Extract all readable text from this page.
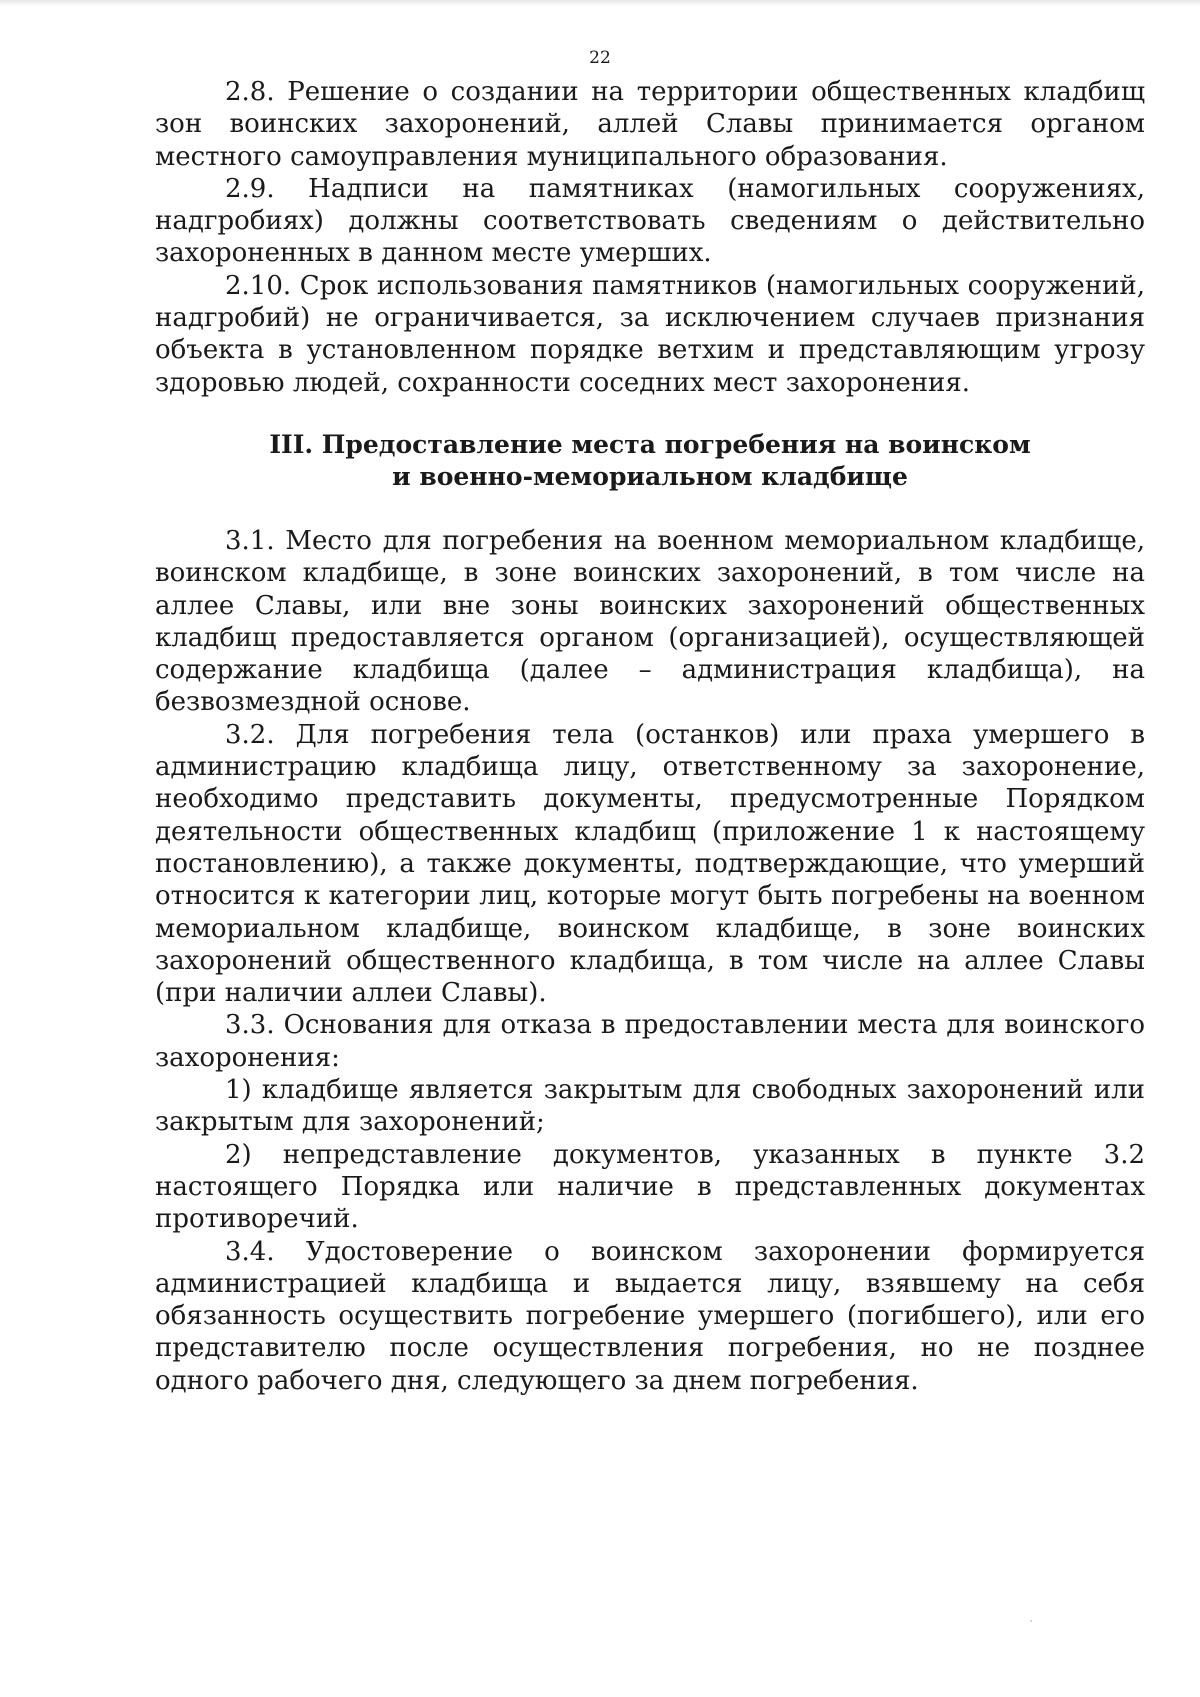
22

2.8. Решение о создании на территории общественных кладбищ зон воинских захоронений, аллей Славы принимается органом местного самоуправления муниципального образования.

2.9. Надписи на памятниках (намогильных сооружениях, надгробиях) должны соответствовать сведениям о действительно захороненных в данном месте умерших.

2.10. Срок использования памятников (намогильных сооружений, надгробий) не ограничивается, за исключением случаев признания объекта в установленном порядке ветхим и представляющим угрозу здоровью людей, сохранности соседних мест захоронения.

III. Предоставление места погребения на воинском

и военно-мемориальном кладбище

3.1. Место для погребения на военном мемориальном кладбище, воинском кладбище, в зоне воинских захоронений, в том числе на аллее Славы, или вне зоны воинских захоронений общественных кладбищ предоставляется органом (организацией), осуществляющей содержание кладбища (далее – администрация кладбища), на безвозмездной основе.

3.2. Для погребения тела (останков) или праха умершего в администрацию кладбища лицу, ответственному за захоронение, необходимо представить документы, предусмотренные Порядком деятельности общественных кладбищ (приложение 1 к настоящему постановлению), а также документы, подтверждающие, что умерший относится к категории лиц, которые могут быть погребены на военном мемориальном кладбище, воинском кладбище, в зоне воинских захоронений общественного кладбища, в том числе на аллее Славы (при наличии аллеи Славы).

3.3. Основания для отказа в предоставлении места для воинского захоронения:

1) кладбище является закрытым для свободных захоронений или закрытым для захоронений;

2) непредставление документов, указанных в пункте 3.2 настоящего Порядка или наличие в представленных документах противоречий.

3.4. Удостоверение о воинском захоронении формируется администрацией кладбища и выдается лицу, взявшему на себя обязанность осуществить погребение умершего (погибшего), или его представителю после осуществления погребения, но не позднее одного рабочего дня, следующего за днем погребения.
